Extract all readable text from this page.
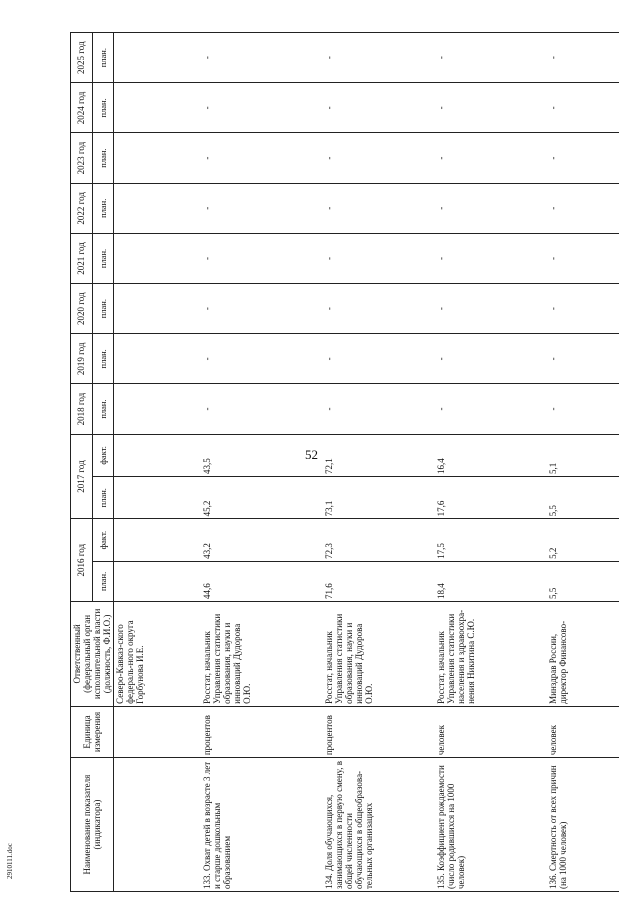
52
2910111.doc	Наименование показателя (индикатора)	Единица измерения	Ответственный (федеральный орган исполнительной власти (должность, Ф.И.О.)	2016 год		2017 год		2018 год	2019 год	2020 год	2021 год	2022 год	2023 год	2024 год	2025 год
			план.	факт.	план.	факт.	план.	план.	план.	план.	план.	план.	план.	план.
		Северо-Кавказ-ского федераль-ного округа Горбунова И.Е.												
133. Охват детей в возрасте 3 лет и старше дошкольным образованием	процентов	Росстат, начальник Управления статистики образования, науки и инноваций Дудорова О.Ю.	44,6	43,2	45,2	43,5	-	-	-	-	-	-	-	-
134. Доля обучающихся, занимающихся в первую смену, в общей численности обучающихся в общеобразова-тельных организациях	процентов	Росстат, начальник Управления статистики образования, науки и инноваций Дудорова О.Ю.	71,6	72,3	73,1	72,1	-	-	-	-	-	-	-	-
135. Коэффициент рождаемости (число родившихся на 1000 человек)	человек	Росстат, начальник Управления статистики населения и здравоохра-нения Никитина С.Ю.	18,4	17,5	17,6	16,4	-	-	-	-	-	-	-	-
136. Смертность от всех причин (на 1000 человек)	человек	Минздрав России, директор Финансово-	5,5	5,2	5,5	5,1	-	-	-	-	-	-	-	-
